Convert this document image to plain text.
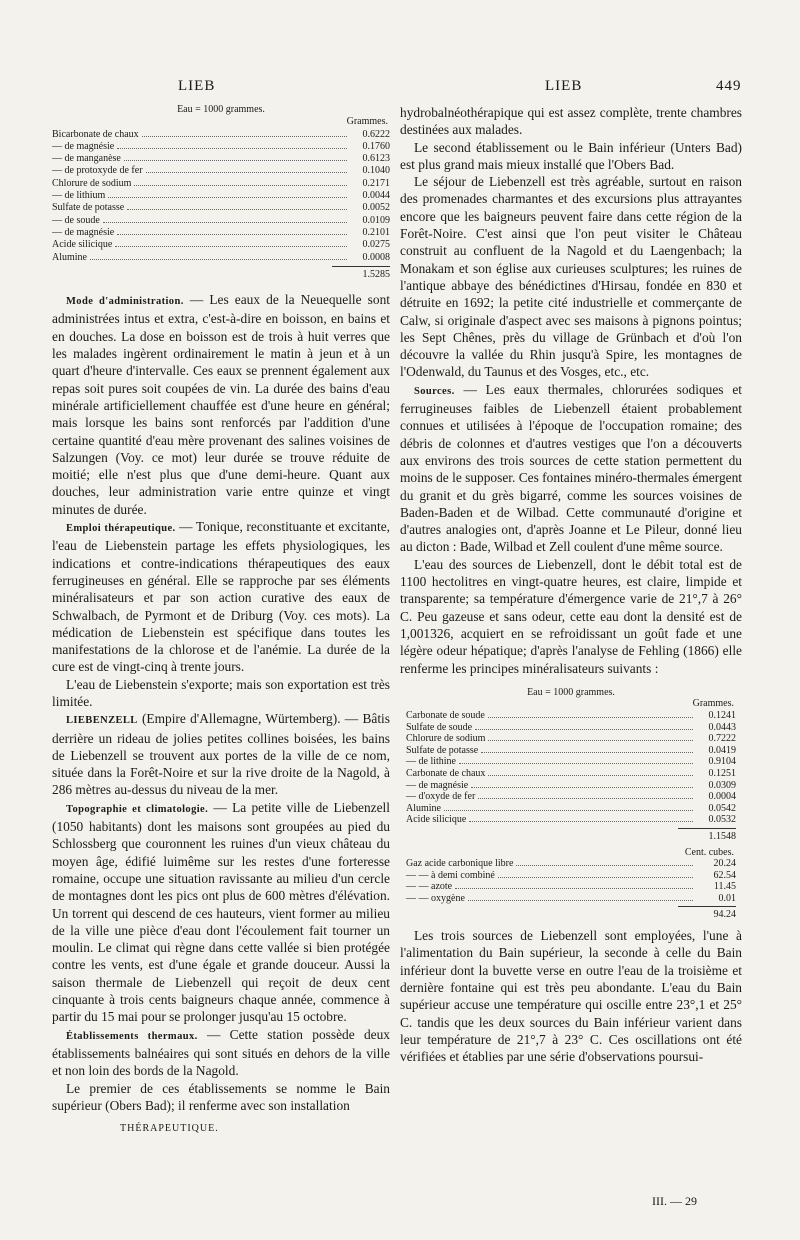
LIEB	LIEB	449
Eau = 1000 grammes.
Grammes.
Bicarbonate de chaux	0.6222
— de magnésie	0.1760
— de manganèse	0.6123
— de protoxyde de fer	0.1040
Chlorure de sodium	0.2171
— de lithium	0.0044
Sulfate de potasse	0.0052
— de soude	0.0109
— de magnésie	0.2101
Acide silicique	0.0275
Alumine	0.0008
1.5285

Mode d'administration. — Les eaux de la Neuequelle sont administrées intus et extra, c'est-à-dire en boisson, en bains et en douches. La dose en boisson est de trois à huit verres que les malades ingèrent ordinairement le matin à jeun et à un quart d'heure d'intervalle. Ces eaux se prennent également aux repas soit pures soit coupées de vin. La durée des bains d'eau minérale artificiellement chauffée est d'une heure en général; mais lorsque les bains sont renforcés par l'addition d'une certaine quantité d'eau mère provenant des salines voisines de Salzungen (Voy. ce mot) leur durée se trouve réduite de moitié; elle n'est plus que d'une demi-heure. Quant aux douches, leur administration varie entre quinze et vingt minutes de durée.

Emploi thérapeutique. — Tonique, reconstituante et excitante, l'eau de Liebenstein partage les effets physiologiques, les indications et contre-indications thérapeutiques des eaux ferrugineuses en général. Elle se rapproche par ses éléments minéralisateurs et par son action curative des eaux de Schwalbach, de Pyrmont et de Driburg (Voy. ces mots). La médication de Liebenstein est spécifique dans toutes les manifestations de la chlorose et de l'anémie. La durée de la cure est de vingt-cinq à trente jours.

L'eau de Liebenstein s'exporte; mais son exportation est très limitée.

LIEBENZELL (Empire d'Allemagne, Würtemberg). — Bâtis derrière un rideau de jolies petites collines boisées, les bains de Liebenzell se trouvent aux portes de la ville de ce nom, située dans la Forêt-Noire et sur la rive droite de la Nagold, à 286 mètres au-dessus du niveau de la mer.

Topographie et climatologie. — La petite ville de Liebenzell (1050 habitants) dont les maisons sont groupées au pied du Schlossberg que couronnent les ruines d'un vieux château du moyen âge, édifié luimême sur les restes d'une forteresse romaine, occupe une situation ravissante au milieu d'un cercle de montagnes dont les pics ont plus de 600 mètres d'élévation. Un torrent qui descend de ces hauteurs, vient former au milieu de la ville une pièce d'eau dont l'écoulement fait tourner un moulin. Le climat qui règne dans cette vallée si bien protégée contre les vents, est d'une égale et grande douceur. Aussi la saison thermale de Liebenzell qui reçoit de deux cent cinquante à trois cents baigneurs chaque année, commence à partir du 15 mai pour se prolonger jusqu'au 15 octobre.

Établissements thermaux. — Cette station possède deux établissements balnéaires qui sont situés en dehors de la ville et non loin des bords de la Nagold.

Le premier de ces établissements se nomme le Bain supérieur (Obers Bad); il renferme avec son installation

hydrobalnéothérapique qui est assez complète, trente chambres destinées aux malades.

Le second établissement ou le Bain inférieur (Unters Bad) est plus grand mais mieux installé que l'Obers Bad.

Le séjour de Liebenzell est très agréable, surtout en raison des promenades charmantes et des excursions plus attrayantes encore que les baigneurs peuvent faire dans cette région de la Forêt-Noire. C'est ainsi que l'on peut visiter le Château construit au confluent de la Nagold et du Laengenbach; la Monakam et son église aux curieuses sculptures; les ruines de l'antique abbaye des bénédictines d'Hirsau, fondée en 830 et détruite en 1692; la petite cité industrielle et commerçante de Calw, si originale d'aspect avec ses maisons à pignons pointus; les Sept Chênes, près du village de Grünbach et d'où l'on découvre la vallée du Rhin jusqu'à Spire, les montagnes de l'Odenwald, du Taunus et des Vosges, etc., etc.

Sources. — Les eaux thermales, chlorurées sodiques et ferrugineuses faibles de Liebenzell étaient probablement connues et utilisées à l'époque de l'occupation romaine; des débris de colonnes et d'autres vestiges que l'on a découverts aux environs des trois sources de cette station permettent du moins de le supposer. Ces fontaines minéro-thermales émergent du granit et du grès bigarré, comme les sources voisines de Baden-Baden et de Wilbad. Cette communauté d'origine et d'autres analogies ont, d'après Joanne et Le Pileur, donné lieu au dicton : Bade, Wilbad et Zell coulent d'une même source.

L'eau des sources de Liebenzell, dont le débit total est de 1100 hectolitres en vingt-quatre heures, est claire, limpide et transparente; sa température d'émergence varie de 21°,7 à 26° C. Peu gazeuse et sans odeur, cette eau dont la densité est de 1,001326, acquiert en se refroidissant un goût fade et une légère odeur hépatique; d'après l'analyse de Fehling (1866) elle renferme les principes minéralisateurs suivants :

Eau = 1000 grammes.
Grammes.
Carbonate de soude	0.1241
Sulfate de soude	0.0443
Chlorure de sodium	0.7222
Sulfate de potasse	0.0419
— de lithine	0.9104
Carbonate de chaux	0.1251
— de magnésie	0.0309
— d'oxyde de fer	0.0004
Alumine	0.0542
Acide silicique	0.0532
1.1548
Cent. cubes.
Gaz acide carbonique libre	20.24
— — à demi combiné	62.54
— — azote	11.45
— — oxygène	0.01
94.24

Les trois sources de Liebenzell sont employées, l'une à l'alimentation du Bain supérieur, la seconde à celle du Bain inférieur dont la buvette verse en outre l'eau de la troisième et dernière fontaine qui est très peu abondante. L'eau du Bain supérieur accuse une température qui oscille entre 23°,1 et 25° C. tandis que les deux sources du Bain inférieur varient dans leur température de 21°,7 à 23° C. Ces oscillations ont été vérifiées et établies par une série d'observations poursui-

THÉRAPEUTIQUE.
III. — 29
